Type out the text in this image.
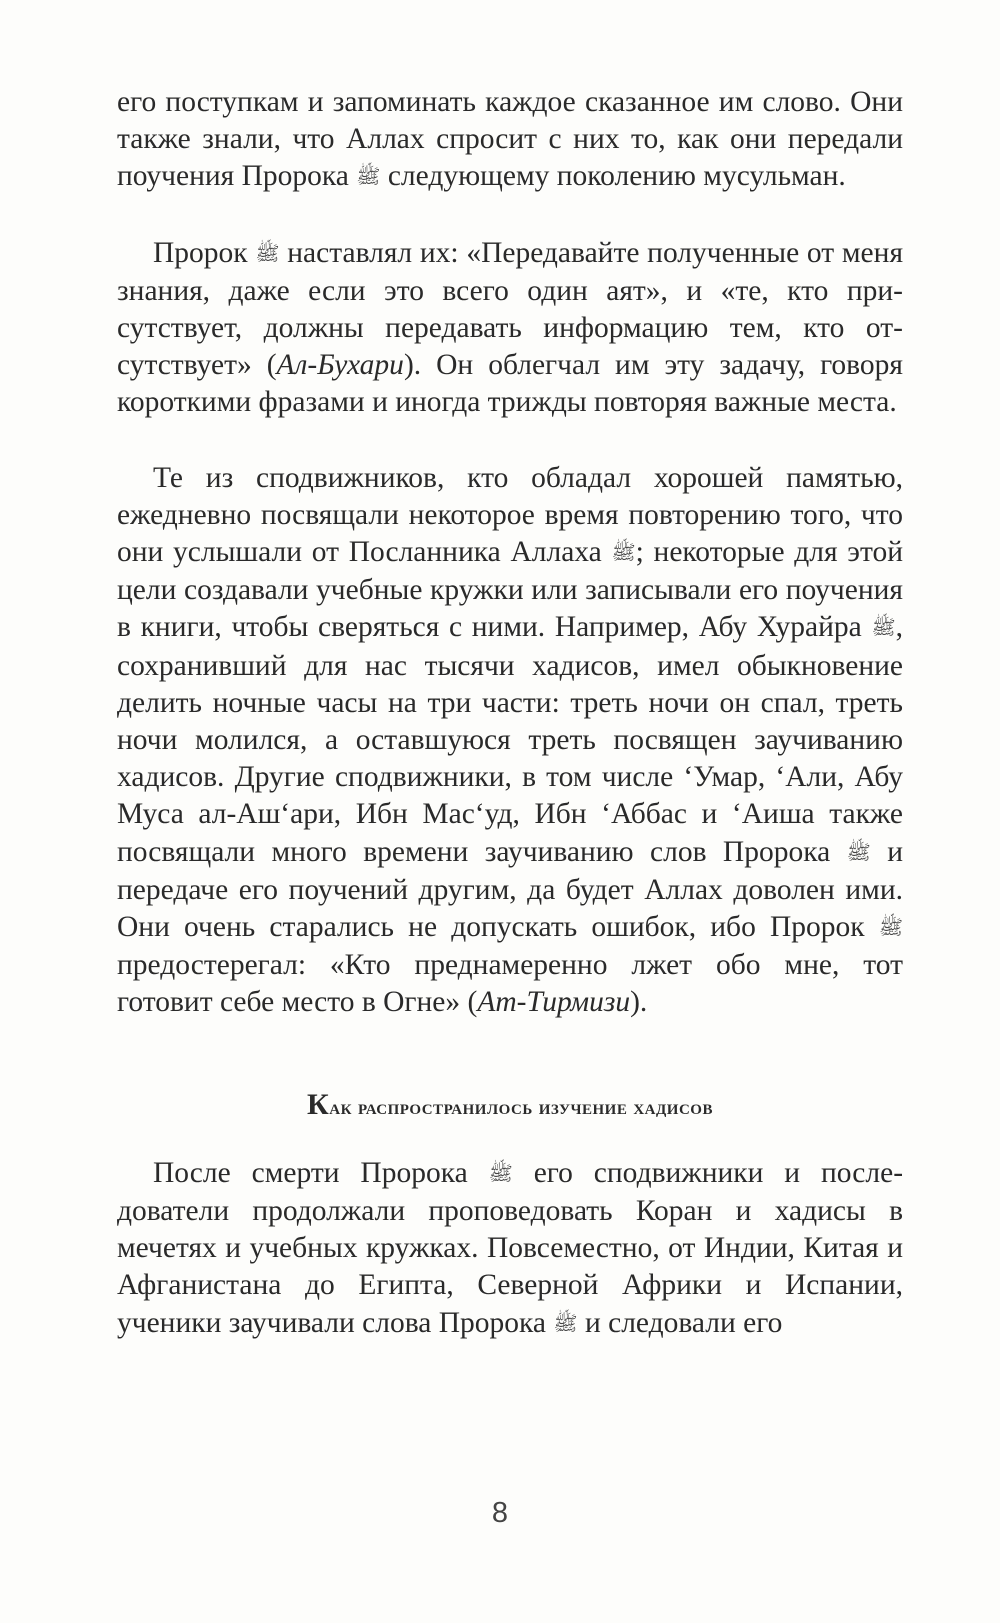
его поступкам и запоминать каждое сказанное им слово. Они также знали, что Аллах спросит с них то, как они передали поучения Пророка ﷺ следующему поколению мусульман.

Пророк ﷺ наставлял их: «Передавайте полученные от меня знания, даже если это всего один аят», и «те, кто присутствует, должны передавать информацию тем, кто отсутствует» (Ал-Бухари). Он облегчал им эту задачу, говоря короткими фразами и иногда трижды повторяя важные места.

Те из сподвижников, кто обладал хорошей памятью, ежедневно посвящали некоторое время повторению того, что они услышали от Посланника Аллаха ﷺ; некоторые для этой цели создавали учебные кружки или записывали его поучения в книги, чтобы сверяться с ними. Например, Абу Хурайра ﷺ, сохранивший для нас тысячи хадисов, имел обыкновение делить ночные часы на три части: треть ночи он спал, треть ночи молился, а оставшуюся треть посвящен заучиванию хадисов. Другие сподвижники, в том числе ‘Умар, ‘Али, Абу Муса ал-Аш‘ари, Ибн Мас‘уд, Ибн ‘Аббас и ‘Аиша также посвящали много времени заучиванию слов Пророка ﷺ и передаче его поучений другим, да будет Аллах доволен ими. Они очень старались не допускать ошибок, ибо Пророк ﷺ предостерегал: «Кто преднамеренно лжет обо мне, тот готовит себе место в Огне» (Ат-Тирмизи).

Как распространилось изучение хадисов

После смерти Пророка ﷺ его сподвижники и последователи продолжали проповедовать Коран и хадисы в мечетях и учебных кружках. Повсеместно, от Индии, Китая и Афганистана до Египта, Северной Африки и Испании, ученики заучивали слова Пророка ﷺ и следовали его

8
